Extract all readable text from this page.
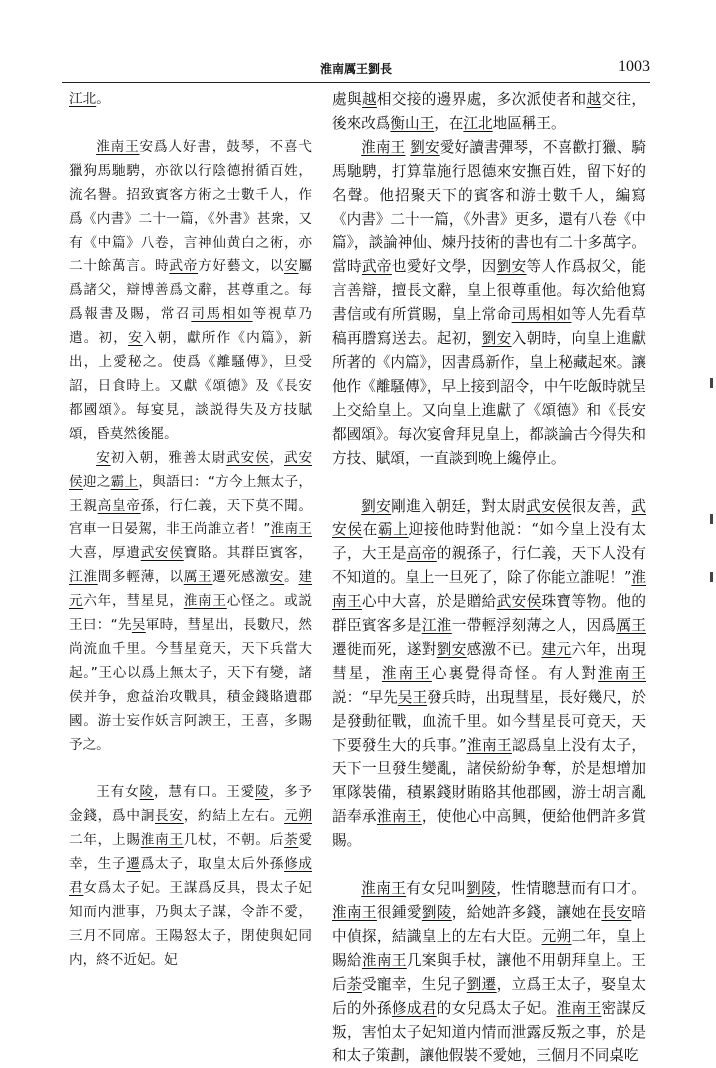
淮南厲王劉長	1003

江北。

淮南王安爲人好書，鼓琴，不喜弋獵狗馬馳騁，亦欲以行陰德拊循百姓，流名譽。招致賓客方術之士數千人，作爲《内書》二十一篇，《外書》甚衆，又有《中篇》八卷，言神仙黄白之術，亦二十餘萬言。時武帝方好藝文，以安屬爲諸父，辯博善爲文辭，甚尊重之。每爲報書及賜，常召司馬相如等視草乃遣。初，安入朝，獻所作《内篇》，新出，上愛秘之。使爲《離騷傳》，旦受詔，日食時上。又獻《頌德》及《長安都國頌》。每宴見，談説得失及方技賦頌，昏莫然後罷。

安初入朝，雅善太尉武安侯，武安侯迎之霸上，與語曰：“方今上無太子，王親高皇帝孫，行仁義，天下莫不聞。宫車一日晏駕，非王尚誰立者！”淮南王大喜，厚遺武安侯寶賂。其群臣賓客，江淮間多輕薄，以厲王遷死感激安。建元六年，彗星見，淮南王心怪之。或説王曰：“先吴軍時，彗星出，長數尺，然尚流血千里。今彗星竟天，天下兵當大起。”王心以爲上無太子，天下有變，諸侯并争，愈益治攻戰具，積金錢賂遺郡國。游士妄作妖言阿諛王，王喜，多賜予之。

王有女陵，慧有口。王愛陵，多予金錢，爲中詗長安，約結上左右。元朔二年，上賜淮南王几杖，不朝。后荼愛幸，生子遷爲太子，取皇太后外孫修成君女爲太子妃。王謀爲反具，畏太子妃知而内泄事，乃與太子謀，令詐不愛，三月不同席。王陽怒太子，閉使與妃同内，終不近妃。妃

處與越相交接的邊界處，多次派使者和越交往，後來改爲衡山王，在江北地區稱王。

淮南王 劉安愛好讀書彈琴，不喜歡打獵、騎馬馳騁，打算靠施行恩德來安撫百姓，留下好的名聲。他招聚天下的賓客和游士數千人，編寫《内書》二十一篇，《外書》更多，還有八卷《中篇》，談論神仙、煉丹技術的書也有二十多萬字。當時武帝也愛好文學，因劉安等人作爲叔父，能言善辯，擅長文辭，皇上很尊重他。每次給他寫書信或有所賞賜，皇上常命司馬相如等人先看草稿再謄寫送去。起初，劉安入朝時，向皇上進獻所著的《内篇》，因書爲新作，皇上秘藏起來。讓他作《離騷傳》，早上接到詔令，中午吃飯時就呈上交給皇上。又向皇上進獻了《頌德》和《長安都國頌》。每次宴會拜見皇上，都談論古今得失和方技、賦頌，一直談到晚上纔停止。

劉安剛進入朝廷，對太尉武安侯很友善，武安侯在霸上迎接他時對他説：“如今皇上没有太子，大王是高帝的親孫子，行仁義，天下人没有不知道的。皇上一旦死了，除了你能立誰呢！”淮南王心中大喜，於是贈給武安侯珠寶等物。他的群臣賓客多是江淮一帶輕浮刻薄之人，因爲厲王遷徙而死，遂對劉安感激不已。建元六年，出現彗星，淮南王心裏覺得奇怪。有人對淮南王説：“早先吴王發兵時，出現彗星，長好幾尺，於是發動征戰，血流千里。如今彗星長可竟天，天下要發生大的兵事。”淮南王認爲皇上没有太子，天下一旦發生變亂，諸侯紛紛争奪，於是想增加軍隊裝備，積累錢財賄賂其他郡國，游士胡言亂語奉承淮南王，使他心中高興，便給他們許多賞賜。

淮南王有女兒叫劉陵，性情聰慧而有口才。淮南王很鍾愛劉陵，給她許多錢，讓她在長安暗中偵探，結識皇上的左右大臣。元朔二年，皇上賜給淮南王几案與手杖，讓他不用朝拜皇上。王后荼受寵幸，生兒子劉遷，立爲王太子，娶皇太后的外孫修成君的女兒爲太子妃。淮南王密謀反叛，害怕太子妃知道内情而泄露反叛之事，於是和太子策劃，讓他假裝不愛她，三個月不同桌吃
